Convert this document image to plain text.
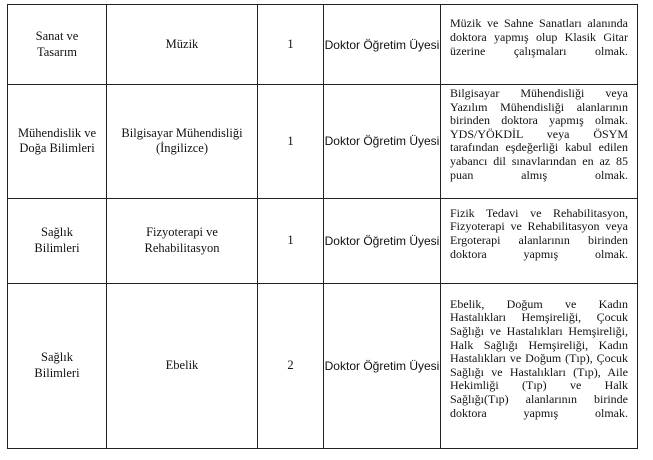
Sanat ve Tasarım	Müzik	1	Doktor Öğretim Üyesi	Müzik ve Sahne Sanatları alanında doktora yapmış olup Klasik Gitar üzerine çalışmaları olmak.

Mühendislik ve Doğa Bilimleri	Bilgisayar Mühendisliği (İngilizce)	1	Doktor Öğretim Üyesi	Bilgisayar Mühendisliği veya Yazılım Mühendisliği alanlarının birinden doktora yapmış olmak. YDS/YÖKDİL veya ÖSYM tarafından eşdeğerliği kabul edilen yabancı dil sınavlarından en az 85 puan almış olmak.

Sağlık Bilimleri	Fizyoterapi ve Rehabilitasyon	1	Doktor Öğretim Üyesi	Fizik Tedavi ve Rehabilitasyon, Fizyoterapi ve Rehabilitasyon veya Ergoterapi alanlarının birinden doktora yapmış olmak.

Sağlık Bilimleri	Ebelik	2	Doktor Öğretim Üyesi	Ebelik, Doğum ve Kadın Hastalıkları Hemşireliği, Çocuk Sağlığı ve Hastalıkları Hemşireliği, Halk Sağlığı Hemşireliği, Kadın Hastalıkları ve Doğum (Tıp), Çocuk Sağlığı ve Hastalıkları (Tıp), Aile Hekimliği (Tıp) ve Halk Sağlığı(Tıp) alanlarının birinde doktora yapmış olmak.
